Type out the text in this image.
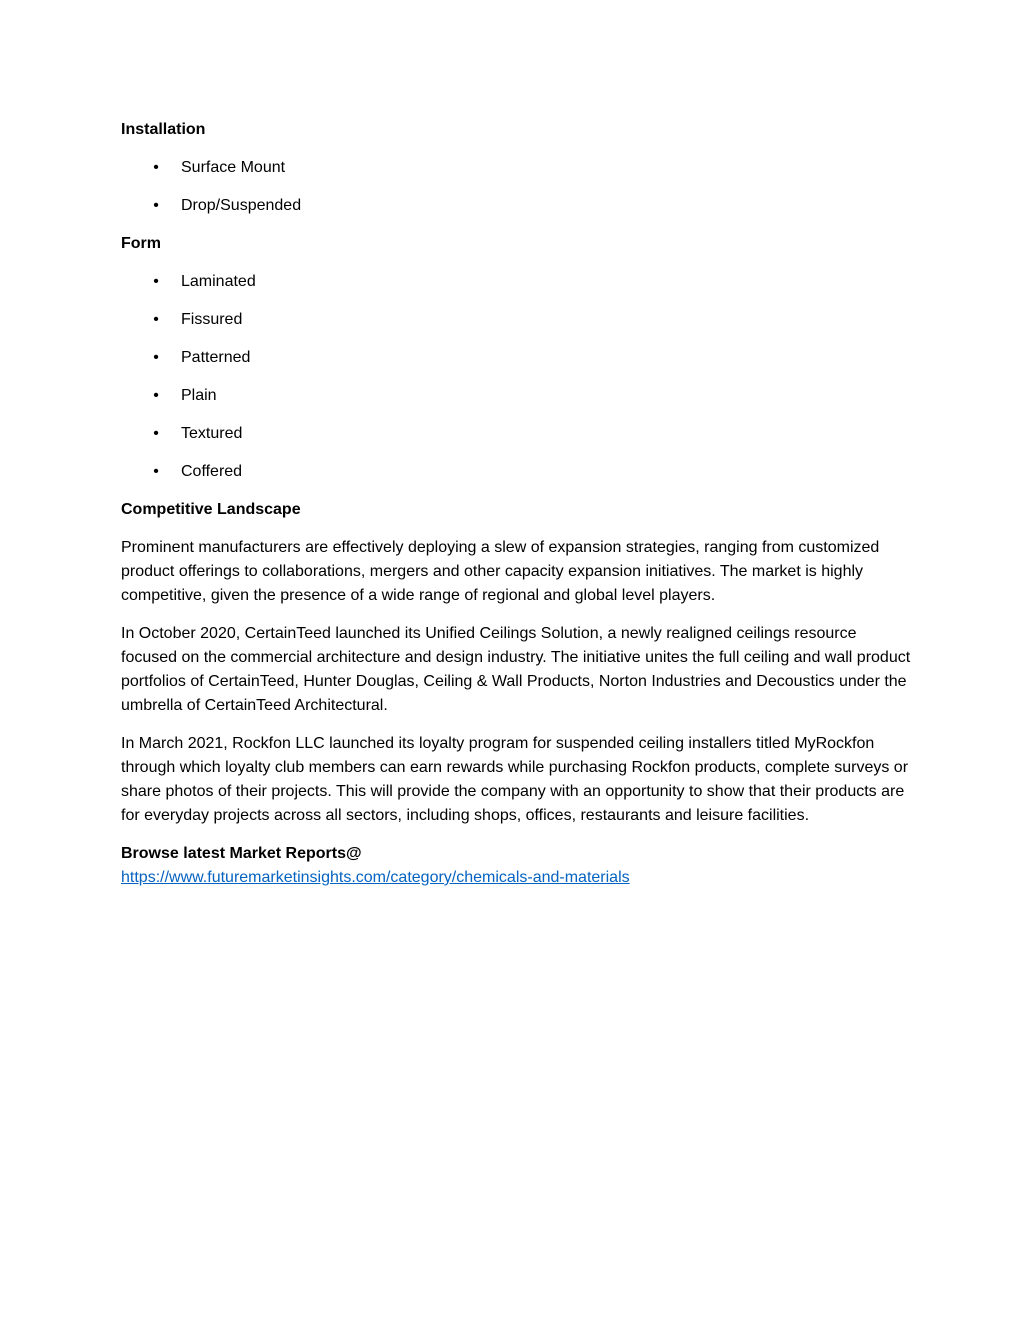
Installation
• Surface Mount
• Drop/Suspended
Form
• Laminated
• Fissured
• Patterned
• Plain
• Textured
• Coffered
Competitive Landscape

Prominent manufacturers are effectively deploying a slew of expansion strategies, ranging from customized product offerings to collaborations, mergers and other capacity expansion initiatives. The market is highly competitive, given the presence of a wide range of regional and global level players.

In October 2020, CertainTeed launched its Unified Ceilings Solution, a newly realigned ceilings resource focused on the commercial architecture and design industry. The initiative unites the full ceiling and wall product portfolios of CertainTeed, Hunter Douglas, Ceiling & Wall Products, Norton Industries and Decoustics under the umbrella of CertainTeed Architectural.

In March 2021, Rockfon LLC launched its loyalty program for suspended ceiling installers titled MyRockfon through which loyalty club members can earn rewards while purchasing Rockfon products, complete surveys or share photos of their projects. This will provide the company with an opportunity to show that their products are for everyday projects across all sectors, including shops, offices, restaurants and leisure facilities.

Browse latest Market Reports@
https://www.futuremarketinsights.com/category/chemicals-and-materials
